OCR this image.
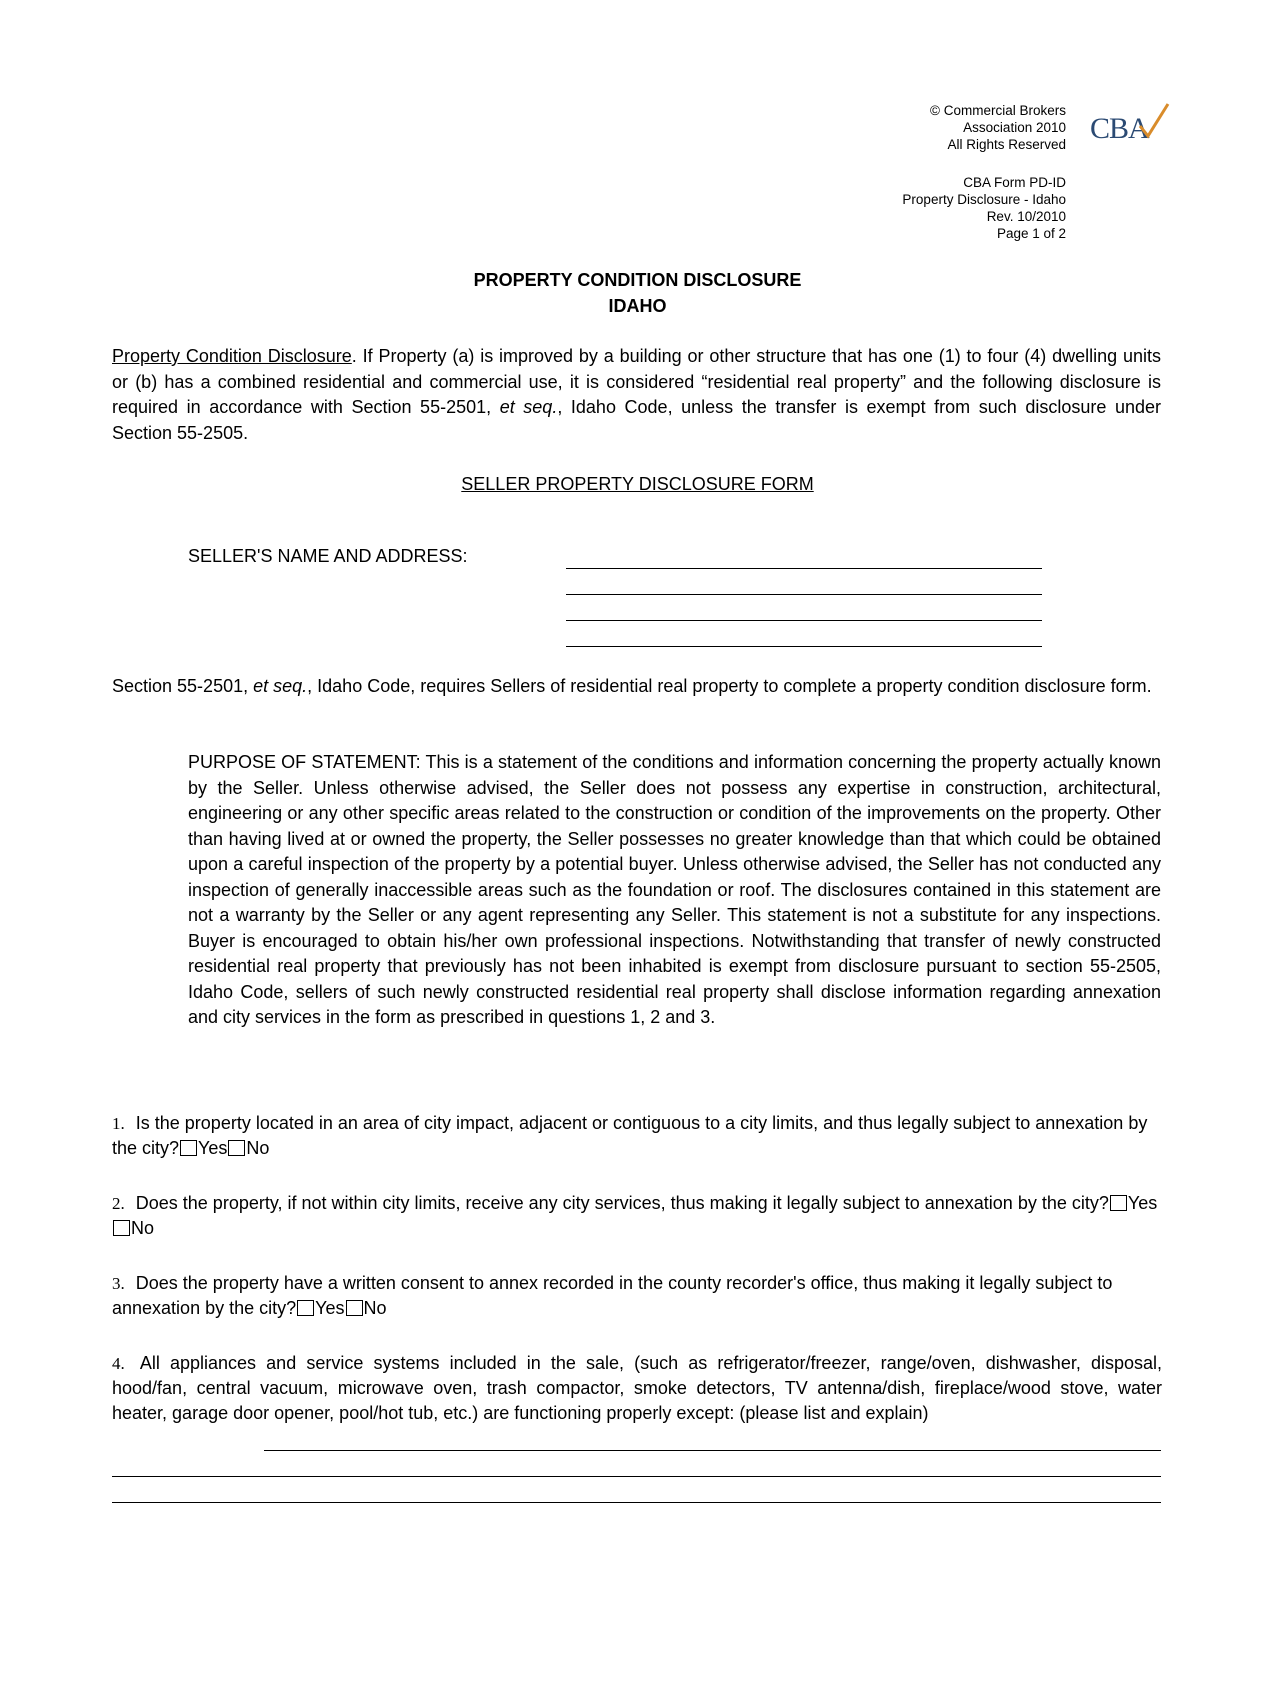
© Commercial Brokers
Association 2010
All Rights Reserved CBA
CBA Form PD-ID
Property Disclosure - Idaho
Rev. 10/2010
Page 1 of 2
PROPERTY CONDITION DISCLOSURE
IDAHO
Property Condition Disclosure. If Property (a) is improved by a building or other structure that has one (1) to four (4) dwelling units or (b) has a combined residential and commercial use, it is considered “residential real property” and the following disclosure is required in accordance with Section 55-2501, et seq., Idaho Code, unless the transfer is exempt from such disclosure under Section 55-2505.
SELLER PROPERTY DISCLOSURE FORM
SELLER'S NAME AND ADDRESS:
Section 55-2501, et seq., Idaho Code, requires Sellers of residential real property to complete a property condition disclosure form.
PURPOSE OF STATEMENT: This is a statement of the conditions and information concerning the property actually known by the Seller. Unless otherwise advised, the Seller does not possess any expertise in construction, architectural, engineering or any other specific areas related to the construction or condition of the improvements on the property. Other than having lived at or owned the property, the Seller possesses no greater knowledge than that which could be obtained upon a careful inspection of the property by a potential buyer. Unless otherwise advised, the Seller has not conducted any inspection of generally inaccessible areas such as the foundation or roof. The disclosures contained in this statement are not a warranty by the Seller or any agent representing any Seller. This statement is not a substitute for any inspections. Buyer is encouraged to obtain his/her own professional inspections. Notwithstanding that transfer of newly constructed residential real property that previously has not been inhabited is exempt from disclosure pursuant to section 55-2505, Idaho Code, sellers of such newly constructed residential real property shall disclose information regarding annexation and city services in the form as prescribed in questions 1, 2 and 3.
1. Is the property located in an area of city impact, adjacent or contiguous to a city limits, and thus legally subject to annexation by the city? Yes No
2. Does the property, if not within city limits, receive any city services, thus making it legally subject to annexation by the city? YesNo
3. Does the property have a written consent to annex recorded in the county recorder's office, thus making it legally subject to annexation by the city? Yes No
4. All appliances and service systems included in the sale, (such as refrigerator/freezer, range/oven, dishwasher, disposal, hood/fan, central vacuum, microwave oven, trash compactor, smoke detectors, TV antenna/dish, fireplace/wood stove, water heater, garage door opener, pool/hot tub, etc.) are functioning properly except: (please list and explain)
